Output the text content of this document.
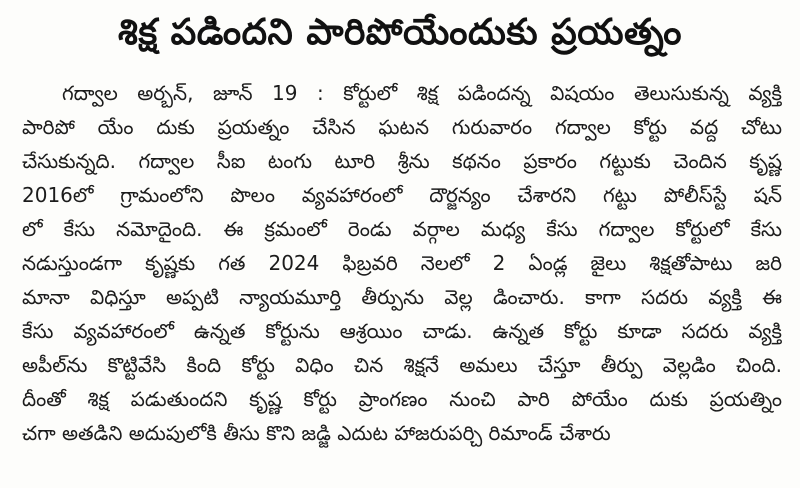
శిక్ష పడిందని పారిపోయేందుకు ప్రయత్నం
గద్వాల అర్బన్, జూన్ 19 : కోర్టులో శిక్ష పడిందన్న విషయం తెలుసుకున్న వ్యక్తి
పారిపో యేం దుకు ప్రయత్నం చేసిన ఘటన గురువారం గద్వాల కోర్టు వద్ద చోటు
చేసుకున్నది. గద్వాల సీఐ టంగు టూరి శ్రీను కథనం ప్రకారం గట్టుకు చెందిన కృష్ణ
2016లో గ్రామంలోని పొలం వ్యవహారంలో దౌర్జన్యం చేశారని గట్టు పోలీస్‌స్టే షన్
లో కేసు నమోదైంది. ఈ క్రమంలో రెండు వర్గాల మధ్య కేసు గద్వాల కోర్టులో కేసు
నడుస్తుండగా కృష్ణకు గత 2024 ఫిబ్రవరి నెలలో 2 ఏండ్ల జైలు శిక్షతోపాటు జరి
మానా విధిస్తూ అప్పటి న్యాయమూర్తి తీర్పును వెల్ల డించారు. కాగా సదరు వ్యక్తి ఈ
కేసు వ్యవహారంలో ఉన్నత కోర్టును ఆశ్రయిం చాడు. ఉన్నత కోర్టు కూడా సదరు వ్యక్తి
అపీల్‌ను కొట్టివేసి కింది కోర్టు విధిం చిన శిక్షనే అమలు చేస్తూ తీర్పు వెల్లడిం చింది.
దీంతో శిక్ష పడుతుందని కృష్ణ కోర్టు ప్రాంగణం నుంచి పారి పోయేం దుకు ప్రయత్నిం
చగా అతడిని అదుపులోకి తీసు కొని జడ్జి ఎదుట హాజరుపర్చి రిమాండ్ చేశారు
